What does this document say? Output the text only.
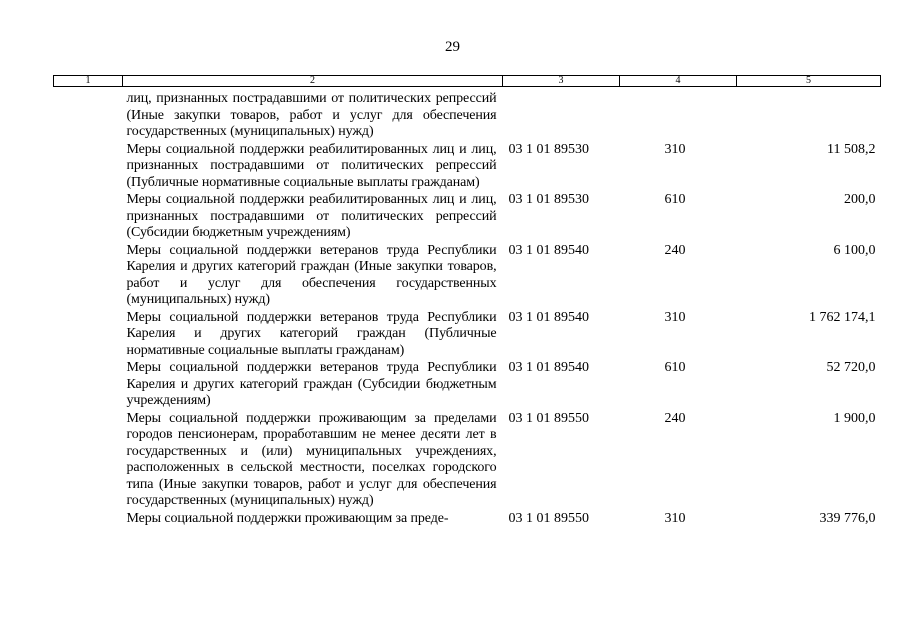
29
1	2	3	4	5
	лиц, признанных пострадавшими от политических репрессий (Иные закупки товаров, работ и услуг для обеспечения государственных (муниципальных) нужд)			
	Меры социальной поддержки реабилитированных лиц и лиц, признанных пострадавшими от политических репрессий (Публичные нормативные социальные выплаты гражданам)	03 1 01 89530	310	11 508,2
	Меры социальной поддержки реабилитированных лиц и лиц, признанных пострадавшими от политических репрессий (Субсидии бюджетным учреждениям)	03 1 01 89530	610	200,0
	Меры социальной поддержки ветеранов труда Республики Карелия и других категорий граждан (Иные закупки товаров, работ и услуг для обеспечения государственных (муниципальных) нужд)	03 1 01 89540	240	6 100,0
	Меры социальной поддержки ветеранов труда Республики Карелия и других категорий граждан (Публичные нормативные социальные выплаты гражданам)	03 1 01 89540	310	1 762 174,1
	Меры социальной поддержки ветеранов труда Республики Карелия и других категорий граждан (Субсидии бюджетным учреждениям)	03 1 01 89540	610	52 720,0
	Меры социальной поддержки проживающим за пределами городов пенсионерам, проработавшим не менее десяти лет в государственных и (или) муниципальных учреждениях, расположенных в сельской местности, поселках городского типа (Иные закупки товаров, работ и услуг для обеспечения государственных (муниципальных) нужд)	03 1 01 89550	240	1 900,0
	Меры социальной поддержки проживающим за преде-	03 1 01 89550	310	339 776,0
